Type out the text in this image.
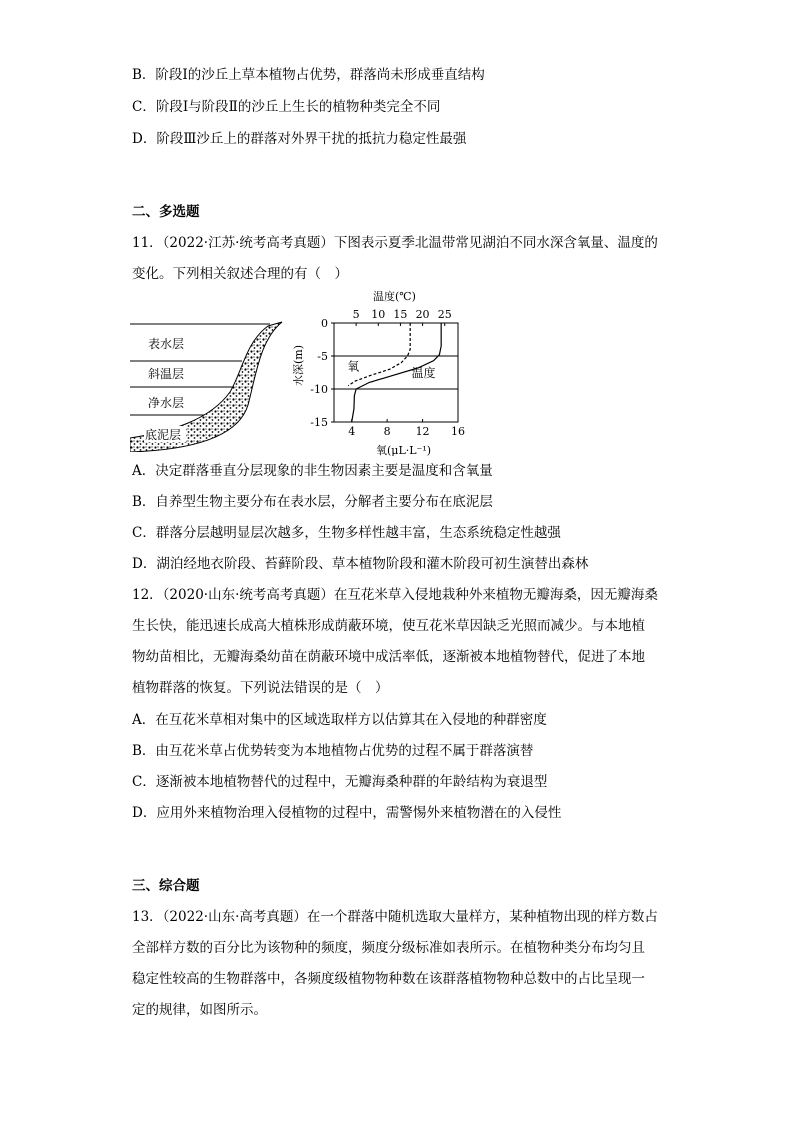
B．阶段Ⅰ的沙丘上草本植物占优势，群落尚未形成垂直结构
C．阶段Ⅰ与阶段Ⅱ的沙丘上生长的植物种类完全不同
D．阶段Ⅲ沙丘上的群落对外界干扰的抵抗力稳定性最强
二、多选题
11．（2022·江苏·统考高考真题）下图表示夏季北温带常见湖泊不同水深含氧量、温度的
变化。下列相关叙述合理的有（　）
表水层
斜温层
净水层
底泥层
温度(℃)
氧(μL·L⁻¹)
水深(m)
0
-5
-10
-15
5 10 15 20 25
4	8 12 16
氧	温度
A．决定群落垂直分层现象的非生物因素主要是温度和含氧量
B．自养型生物主要分布在表水层，分解者主要分布在底泥层
C．群落分层越明显层次越多，生物多样性越丰富，生态系统稳定性越强
D．湖泊经地衣阶段、苔藓阶段、草本植物阶段和灌木阶段可初生演替出森林
12．（2020·山东·统考高考真题）在互花米草入侵地栽种外来植物无瓣海桑，因无瓣海桑
生长快，能迅速长成高大植株形成荫蔽环境，使互花米草因缺乏光照而减少。与本地植
物幼苗相比，无瓣海桑幼苗在荫蔽环境中成活率低，逐渐被本地植物替代，促进了本地
植物群落的恢复。下列说法错误的是（　）
A．在互花米草相对集中的区域选取样方以估算其在入侵地的种群密度
B．由互花米草占优势转变为本地植物占优势的过程不属于群落演替
C．逐渐被本地植物替代的过程中，无瓣海桑种群的年龄结构为衰退型
D．应用外来植物治理入侵植物的过程中，需警惕外来植物潜在的入侵性
三、综合题
13．（2022·山东·高考真题）在一个群落中随机选取大量样方，某种植物出现的样方数占
全部样方数的百分比为该物种的频度，频度分级标准如表所示。在植物种类分布均匀且
稳定性较高的生物群落中，各频度级植物物种数在该群落植物物种总数中的占比呈现一
定的规律，如图所示。
